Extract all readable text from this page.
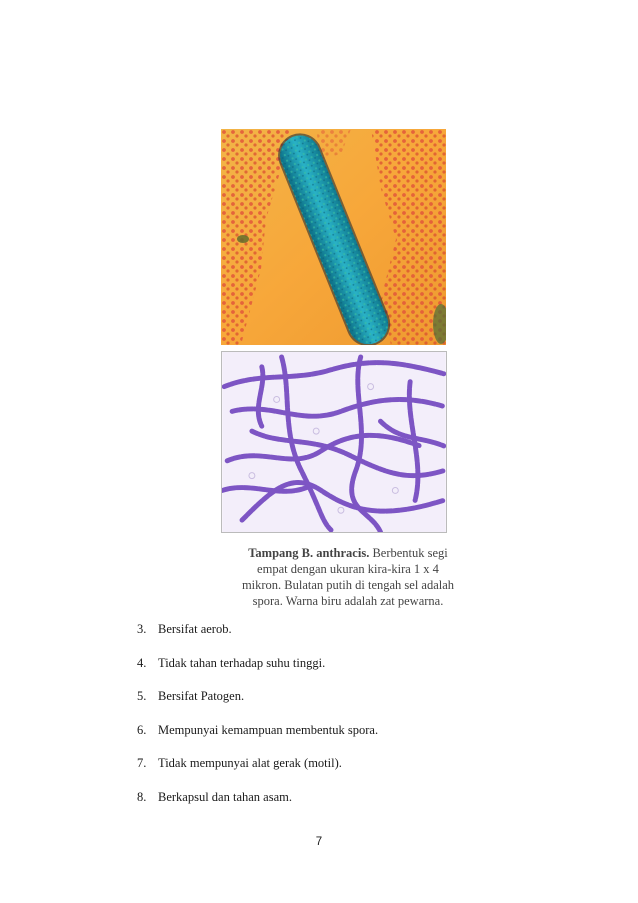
Tampang B. anthracis. Berbentuk segi empat dengan ukuran kira-kira 1 x 4 mikron. Bulatan putih di tengah sel adalah spora. Warna biru adalah zat pewarna.
3. Bersifat aerob.
4. Tidak tahan terhadap suhu tinggi.
5. Bersifat Patogen.
6. Mempunyai kemampuan membentuk spora.
7. Tidak mempunyai alat gerak (motil).
8. Berkapsul dan tahan asam.
7
